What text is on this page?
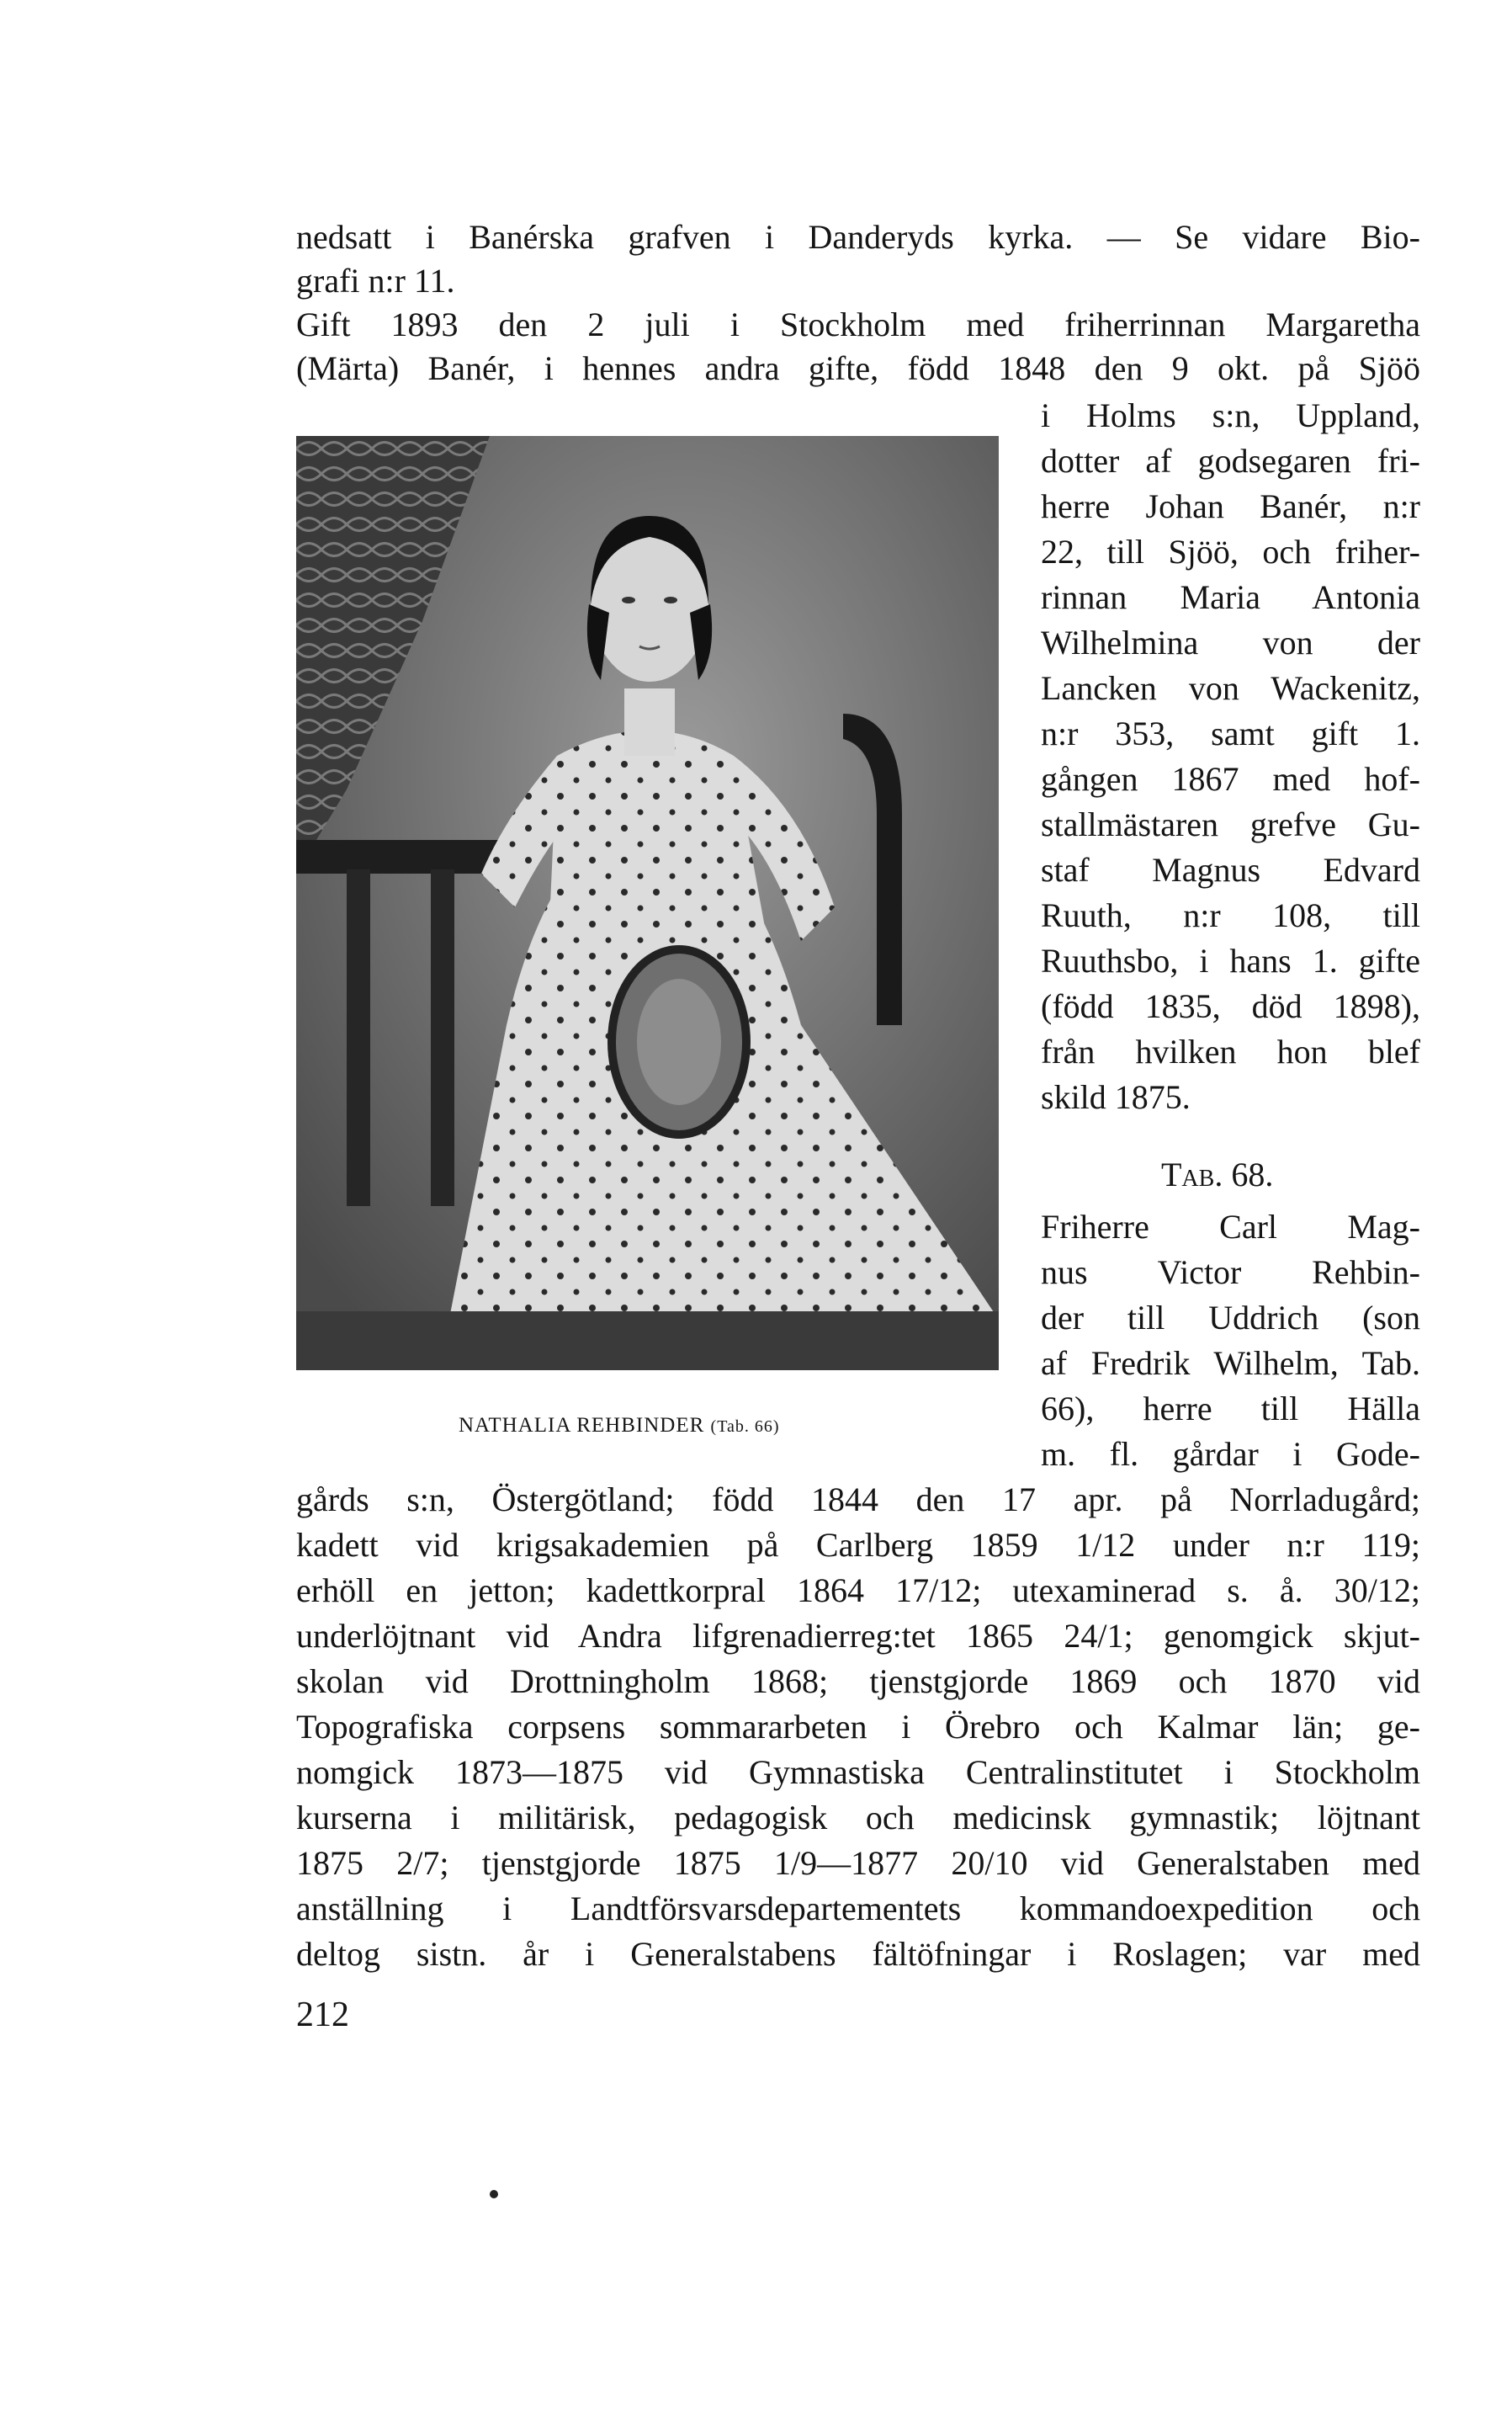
nedsatt i Banérska grafven i Danderyds kyrka. — Se vidare Bio-
grafi n:r 11.
Gift 1893 den 2 juli i Stockholm med friherrinnan Margaretha
(Märta) Banér, i hennes andra gifte, född 1848 den 9 okt. på Sjöö
NATHALIA REHBINDER (Tab. 66)
i Holms s:n, Uppland,
dotter af godsegaren fri-
herre Johan Banér, n:r
22, till Sjöö, och friher-
rinnan Maria Antonia
Wilhelmina von der
Lancken von Wackenitz,
n:r 353, samt gift 1.
gången 1867 med hof-
stallmästaren grefve Gu-
staf Magnus Edvard
Ruuth, n:r 108, till
Ruuthsbo, i hans 1. gifte
(född 1835, död 1898),
från hvilken hon blef
skild 1875.
Tab. 68.
Friherre Carl Mag-
nus Victor Rehbin-
der till Uddrich (son
af Fredrik Wilhelm, Tab.
66), herre till Hälla
m. fl. gårdar i Gode-
gårds s:n, Östergötland; född 1844 den 17 apr. på Norrladugård;
kadett vid krigsakademien på Carlberg 1859 1/12 under n:r 119;
erhöll en jetton; kadettkorpral 1864 17/12; utexaminerad s. å. 30/12;
underlöjtnant vid Andra lifgrenadierreg:tet 1865 24/1; genomgick skjut-
skolan vid Drottningholm 1868; tjenstgjorde 1869 och 1870 vid
Topografiska corpsens sommararbeten i Örebro och Kalmar län; ge-
nomgick 1873—1875 vid Gymnastiska Centralinstitutet i Stockholm
kurserna i militärisk, pedagogisk och medicinsk gymnastik; löjtnant
1875 2/7; tjenstgjorde 1875 1/9—1877 20/10 vid Generalstaben med
anställning i Landtförsvarsdepartementets kommandoexpedition och
deltog sistn. år i Generalstabens fältöfningar i Roslagen; var med
212
